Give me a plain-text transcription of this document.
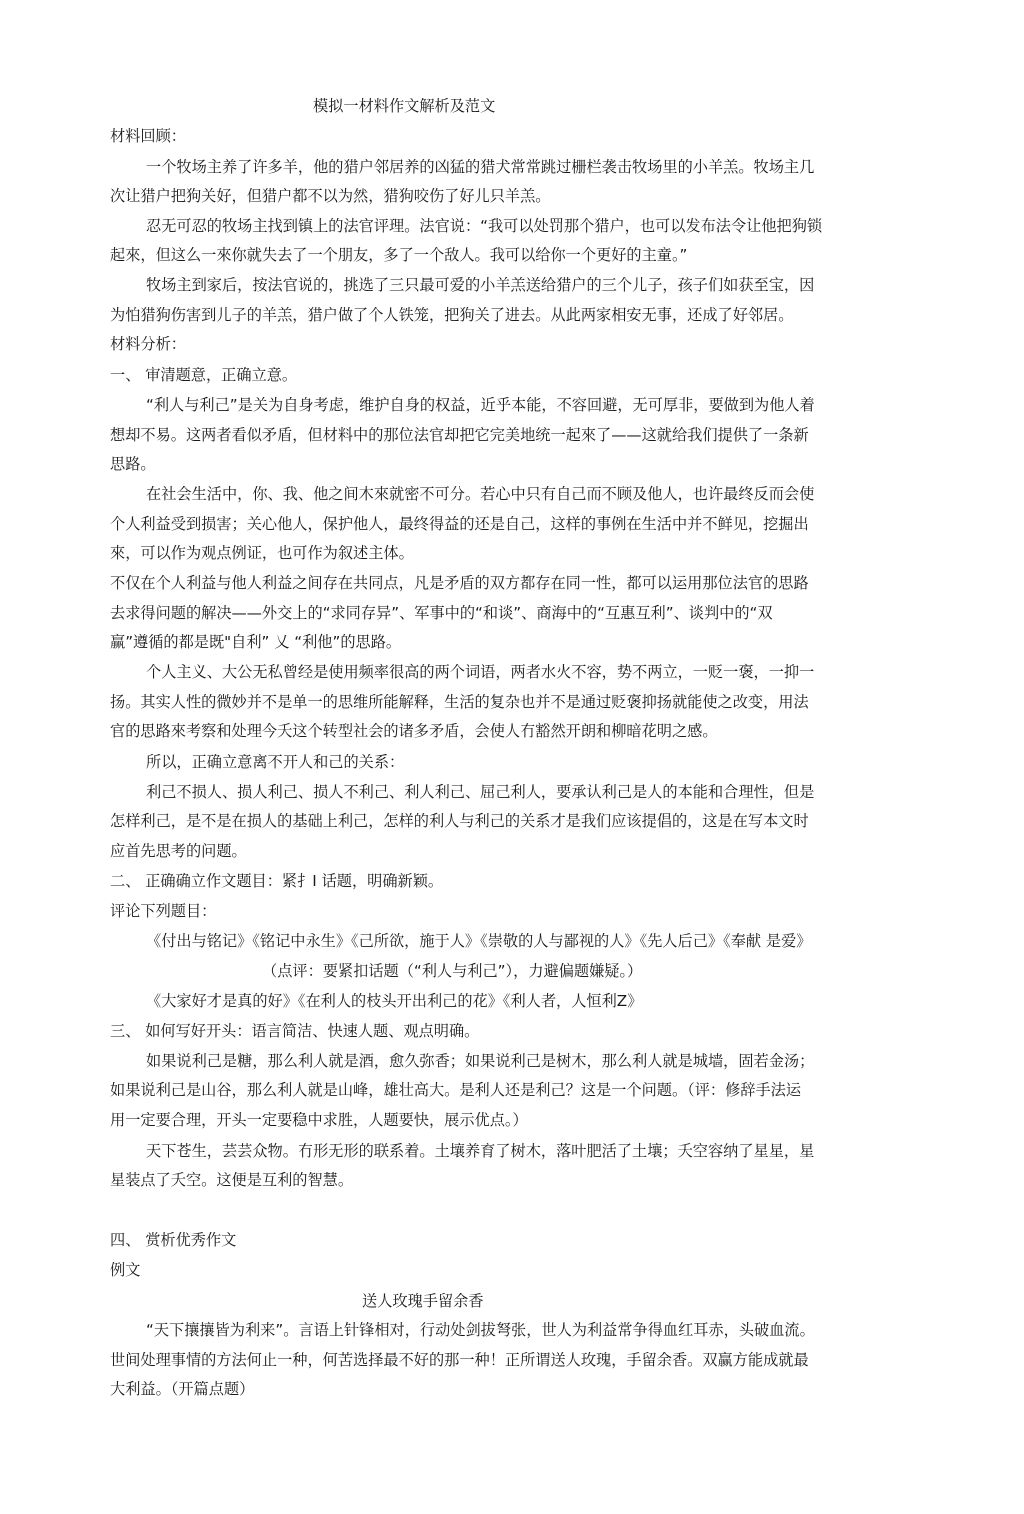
模拟一材料作文解析及范文
材料回顾：
一个牧场主养了许多羊，他的猎户邻居养的凶猛的猎犬常常跳过栅栏袭击牧场里的小羊羔。牧场主几
次让猎户把狗关好，但猎户都不以为然，猎狗咬伤了好儿只羊羔。
忍无可忍的牧场主找到镇上的法官评理。法官说：“我可以处罚那个猎户，也可以发布法令让他把狗锁
起來，但这么一來你就失去了一个朋友，多了一个敌人。我可以给你一个更好的主童。”
牧场主到家后，按法官说的，挑选了三只最可爱的小羊羔送给猎户的三个儿子，孩子们如获至宝，因
为怕猎狗伤害到儿子的羊羔，猎户做了个人铁笼，把狗关了进去。从此两家相安无事，还成了好邻居。
材料分析：
一、 审清题意，正确立意。
“利人与利己”是关为自身考虑，维护自身的权益，近乎本能，不容回避，无可厚非，要做到为他人着
想却不易。这两者看似矛盾，但材料中的那位法官却把它完美地统一起來了——这就给我们提供了一条新
思路。
在社会生活中，你、我、他之间木來就密不可分。若心中只有自己而不顾及他人，也许最终反而会使
个人利益受到损害；关心他人，保护他人，最终得益的还是自己，这样的事例在生活中并不鲜见，挖掘出
來，可以作为观点例证，也可作为叙述主体。
不仅在个人利益与他人利益之间存在共同点，凡是矛盾的双方都存在同一性，都可以运用那位法官的思路
去求得问题的解决——外交上的“求同存异”、军事中的“和谈”、商海中的“互惠互利”、谈判中的“双
赢”遵循的都是既"自利” 乂 “利他”的思路。
个人主义、大公无私曾经是使用频率很高的两个词语，两者水火不容，势不两立，一贬一褒，一抑一
扬。其实人性的微妙并不是单一的思维所能解释，生活的复杂也并不是通过贬褒抑扬就能使之改变，用法
官的思路來考察和处理今夭这个转型社会的诸多矛盾，会使人冇豁然开朗和柳暗花明之感。
所以，正确立意离不开人和己的关系：
利己不损人、损人利己、损人不利己、利人利己、屈己利人，要承认利己是人的本能和合理性，但是
怎样利己，是不是在损人的基础上利己，怎样的利人与利己的关系才是我们应该提倡的，这是在写本文时
应首先思考的问题。
二、 正确确立作文题目：紧扌I 话题，明确新颖。
评论下列题目：
《付出与铭记》《铭记中永生》《己所欲，施于人》《崇敬的人与鄙视的人》《先人后己》《奉献 是爱》
（点评：要紧扣话题（“利人与利己”），力避偏题嫌疑。）
《大家好才是真的好》《在利人的枝头开出利己的花》《利人者，人恒利Z》
三、 如何写好开头：语言简洁、快速人题、观点明确。
如果说利己是糖，那么利人就是酒，愈久弥香；如果说利己是树木，那么利人就是城墙，固若金汤；
如果说利己是山谷，那么利人就是山峰，雄壮高大。是利人还是利己？这是一个问题。（评：修辞手法运
用一定要合理，开头一定要稳中求胜，人题要快，展示优点。）
天下苍生，芸芸众物。冇形无形的联系着。土壤养育了树木，落叶肥活了土壤；夭空容纳了星星，星
星装点了夭空。这便是互利的智慧。
四、 赏析优秀作文
例文
送人玫瑰手留余香
“天下攘攘皆为利来”。言语上针锋相对，行动处剑拔弩张，世人为利益常争得血红耳赤，头破血流。
世间处理事情的方法何止一种，何苦选择最不好的那一种！正所谓送人玫瑰，手留余香。双赢方能成就最
大利益。（开篇点题）
